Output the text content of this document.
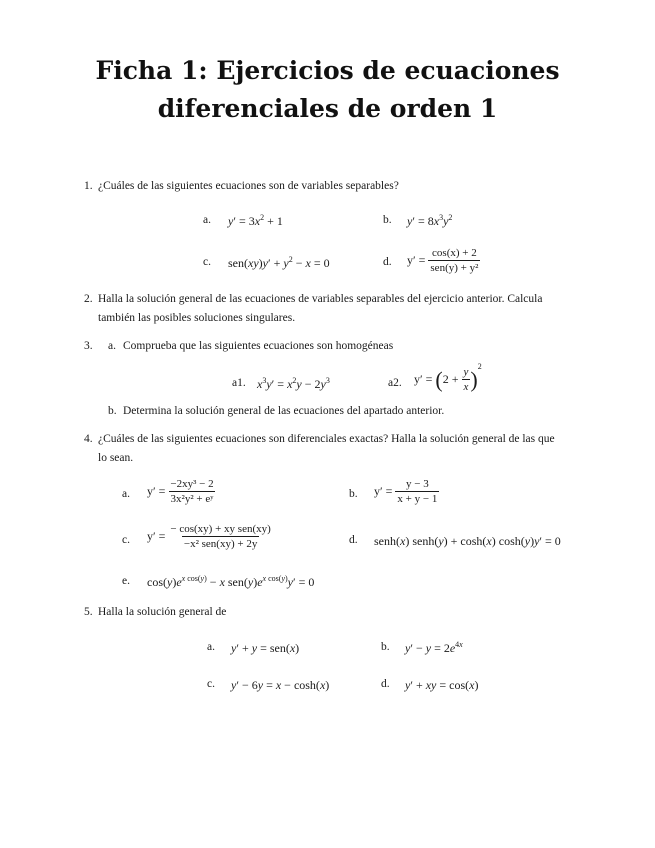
Ficha 1: Ejercicios de ecuaciones
diferenciales de orden 1
1. ¿Cuáles de las siguientes ecuaciones son de variables separables?
a. $y' = 3x^2 + 1$	b. $y' = 8x^3y^2$
c. $sen(xy)y' + y^2 - x = 0$	d. $y' = \frac{\cos(x) + 2}{\text{sen(y) + y²}}$
2. Halla la solución general de las ecuaciones de variables separables del ejercicio anterior. Calcula
también las posibles soluciones singulares.
3. a. Comprueba que las siguientes ecuaciones son homogéneas
a1. $x^3y' = x^2y - 2y^3$	a2. $y' = (2 + \frac{y}{x} )^2$
b. Determina la solución general de las ecuaciones del apartado anterior.
4. ¿Cuáles de las siguientes ecuaciones son diferenciales exactas? Halla la solución general de las que
lo sean.
a. $y' = \frac{\text{−2xy³ − 2}}{\text{3x²y² + eʸ}}$	b. $y' = \frac{y - 3}{x + y - 1}$
c. $y' = \frac{\text{− cos(xy) + xy sen(xy)}}{\text{−x² sen(xy) + 2y}}$	d. senh(x) senh(y) + cosh(x) cosh(y)y′ = 0
e. $\cos(y)e^{x cos(y)} - x$ $sen(y)e^{x cos(y)}y' = 0$
5. Halla la solución general de
a. y′ + y = sen(x)	b. $y' - y = 2e^{4x}$
c. y′ − 6y = x − cosh(x)	d. y′ + xy = cos(x)
